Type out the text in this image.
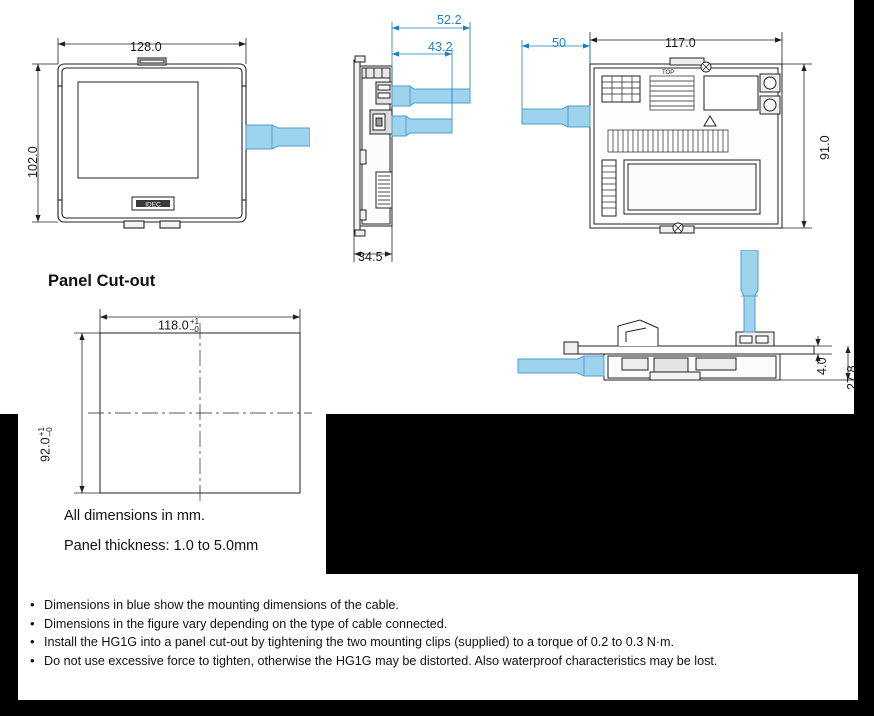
IDEC
128.0
102.0
52.2
43.2
34.5
TOP
117.0
50
91.0
Panel Cut-out
118.0 +1
–0
92.0
+1 –0
All dimensions in mm.
Panel thickness: 1.0 to 5.0mm
4.0 27.8
• Dimensions in blue show the mounting dimensions of the cable.
• Dimensions in the figure vary depending on the type of cable connected.
• Install the HG1G into a panel cut-out by tightening the two mounting clips (supplied) to a torque of 0.2 to 0.3 N·m.
• Do not use excessive force to tighten, otherwise the HG1G may be distorted. Also waterproof characteristics may be lost.
